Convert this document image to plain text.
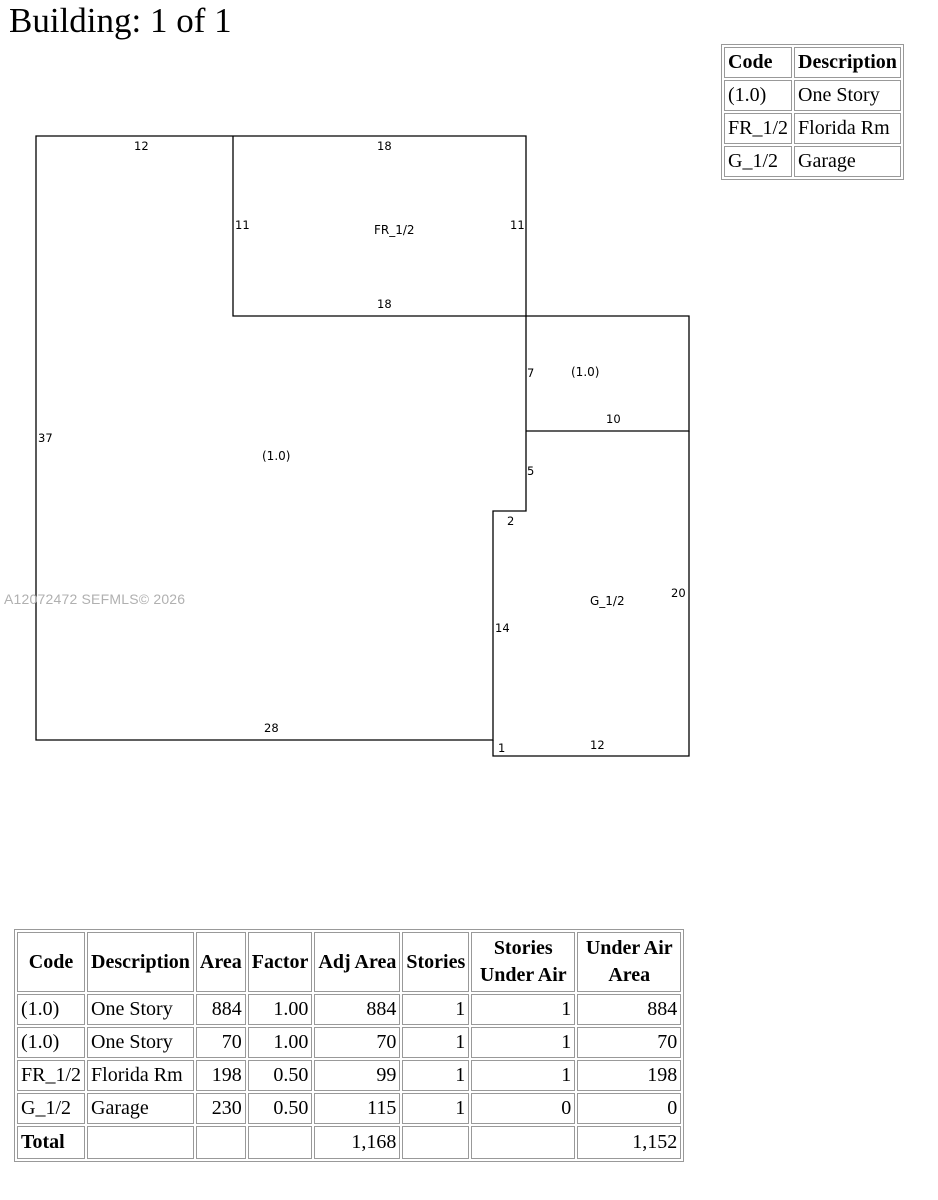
Building: 1 of 1
Code	Description
(1.0)	One Story
FR_1/2	Florida Rm
G_1/2	Garage
12	18
11	11
FR_1/2
18
37
(1.0)
7	(1.0)
10
5
2
G_1/2
20
14
28
12
1
A12072472 SEFMLS© 2026
Code	Description	Area	Factor	Adj Area	Stories	Stories Under Air	Under Air Area
(1.0)	One Story	884	1.00	884	1	1	884
(1.0)	One Story	70	1.00	70	1	1	70
FR_1/2	Florida Rm	198	0.50	99	1	1	198
G_1/2	Garage	230	0.50	115	1	0	0
Total				1,168			1,152
